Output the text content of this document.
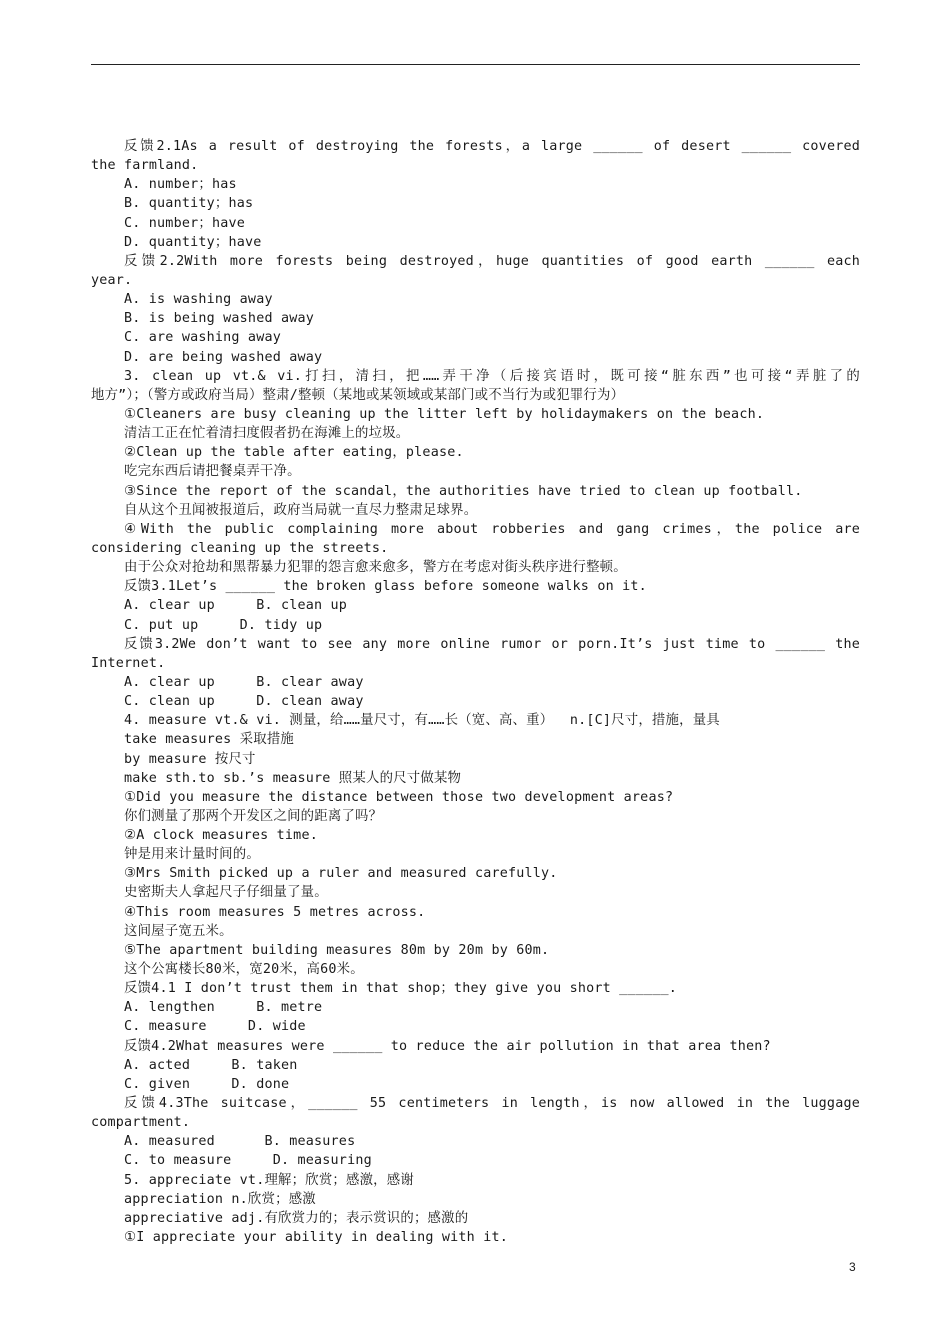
反馈2.1As a result of destroying the forests，a large ______ of desert ______ covered
the farmland.
A. number；has
B. quantity；has
C. number；have
D. quantity；have
反馈2.2With more forests being destroyed，huge quantities of good earth ______ each
year.
A. is washing away
B. is being washed away
C. are washing away
D. are being washed away
3. clean up vt.& vi.打扫，清扫，把……弄干净（后接宾语时，既可接“脏东西”也可接“弄脏了的
地方”）；（警方或政府当局）整肃/整顿（某地或某领域或某部门或不当行为或犯罪行为）
①Cleaners are busy cleaning up the litter left by holidaymakers on the beach.
清洁工正在忙着清扫度假者扔在海滩上的垃圾。
②Clean up the table after eating，please.
吃完东西后请把餐桌弄干净。
③Since the report of the scandal，the authorities have tried to clean up football.
自从这个丑闻被报道后，政府当局就一直尽力整肃足球界。
④With the public complaining more about robberies and gang crimes，the police are
considering cleaning up the streets.
由于公众对抢劫和黑帮暴力犯罪的怨言愈来愈多，警方在考虑对街头秩序进行整顿。
反馈3.1Let’s ______ the broken glass before someone walks on it.
A. clear up     B. clean up
C. put up     D. tidy up
反馈3.2We don’t want to see any more online rumor or porn.It’s just time to ______ the
Internet.
A. clear up     B. clear away
C. clean up     D. clean away
4. measure vt.& vi. 测量，给……量尺寸，有……长（宽、高、重）  n.[C]尺寸，措施，量具
take measures 采取措施
by measure 按尺寸
make sth.to sb.’s measure 照某人的尺寸做某物
①Did you measure the distance between those two development areas?
你们测量了那两个开发区之间的距离了吗？
②A clock measures time.
钟是用来计量时间的。
③Mrs Smith picked up a ruler and measured carefully.
史密斯夫人拿起尺子仔细量了量。
④This room measures 5 metres across.
这间屋子宽五米。
⑤The apartment building measures 80m by 20m by 60m.
这个公寓楼长80米，宽20米，高60米。
反馈4.1 I don’t trust them in that shop；they give you short ______.
A. lengthen     B. metre
C. measure     D. wide
反馈4.2What measures were ______ to reduce the air pollution in that area then?
A. acted     B. taken
C. given     D. done
反馈4.3The suitcase，______ 55 centimeters in length，is now allowed in the luggage
compartment.
A. measured      B. measures
C. to measure     D. measuring
5. appreciate vt.理解；欣赏；感激，感谢
appreciation n.欣赏；感激
appreciative adj.有欣赏力的；表示赏识的；感激的
①I appreciate your ability in dealing with it.
3
